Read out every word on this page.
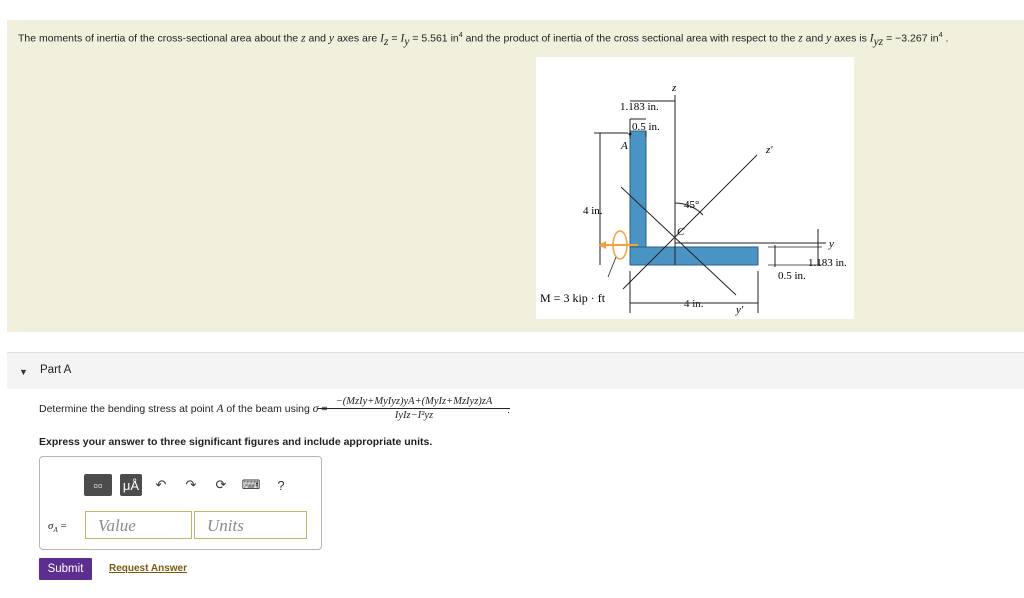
The moments of inertia of the cross-sectional area about the z and y axes are $I_z = I_y = 5.561$ $in^4$ and the product of inertia of the cross sectional area with respect to the z and y axes is $I_{yz} = -3.267$ $in^4$ .
z
y
y′
z′
45°
C
1.183 in.
0.5 in.
A
4 in.
M = 3 kip · ft
1.183 in.
0.5 in.
4 in.
▼ Part A
Determine the bending stress at point A of the beam using σ =
−(MzIy+MyIyz)yA+(MyIz+MzIyz)zA
IyIz−I²yz	.
Express your answer to three significant figures and include appropriate units.
▫▫	μÅ	↶	↷	⟳	⌨	?
$\sigma_A$ =	Value	Units
Submit	Request Answer
